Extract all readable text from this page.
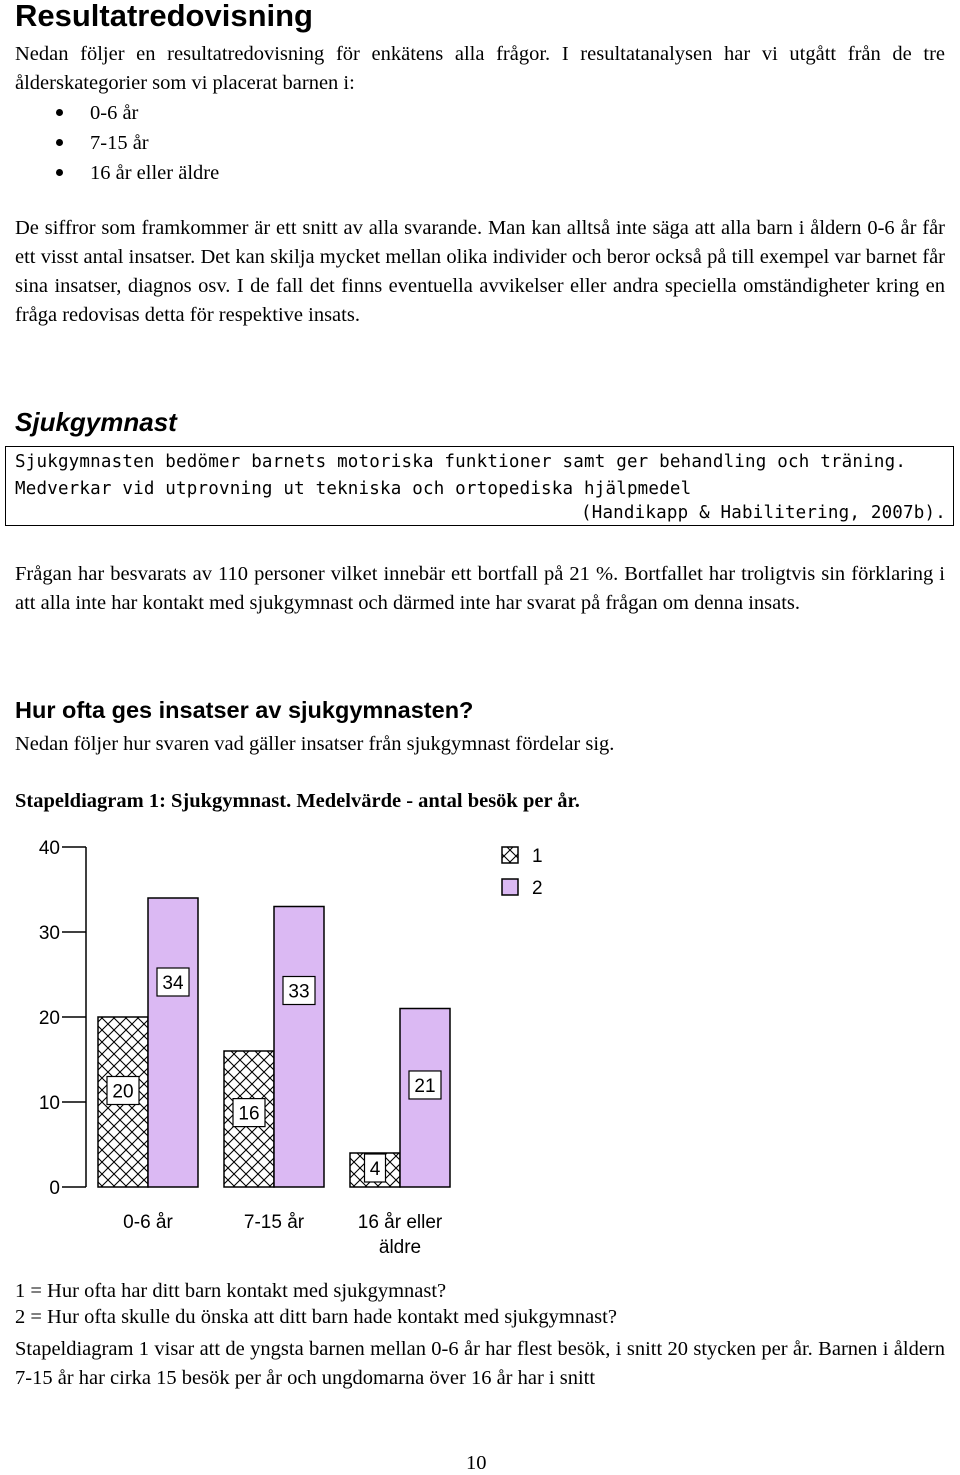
Resultatredovisning
Nedan följer en resultatredovisning för enkätens alla frågor. I resultatanalysen har vi utgått från de tre ålderskategorier som vi placerat barnen i:
0-6 år
7-15 år
16 år eller äldre
De siffror som framkommer är ett snitt av alla svarande. Man kan alltså inte säga att alla barn i åldern 0-6 år får ett visst antal insatser. Det kan skilja mycket mellan olika individer och beror också på till exempel var barnet får sina insatser, diagnos osv. I de fall det finns eventuella avvikelser eller andra speciella omständigheter kring en fråga redovisas detta för respektive insats.
Sjukgymnast
Sjukgymnasten bedömer barnets motoriska funktioner samt ger behandling och träning.
Medverkar vid utprovning ut tekniska och ortopediska hjälpmedel
(Handikapp & Habilitering, 2007b).
Frågan har besvarats av 110 personer vilket innebär ett bortfall på 21 %. Bortfallet har troligtvis sin förklaring i att alla inte har kontakt med sjukgymnast och därmed inte har svarat på frågan om denna insats.
Hur ofta ges insatser av sjukgymnasten?
Nedan följer hur svaren vad gäller insatser från sjukgymnast fördelar sig.
Stapeldiagram 1: Sjukgymnast. Medelvärde - antal besök per år.
0
10
20
30
40
0-6 år	7-15 år	16 år eller
äldre
20
34
16
33
4
21
1
2
1 = Hur ofta har ditt barn kontakt med sjukgymnast?
2 = Hur ofta skulle du önska att ditt barn hade kontakt med sjukgymnast?
Stapeldiagram 1 visar att de yngsta barnen mellan 0-6 år har flest besök, i snitt 20 stycken per år. Barnen i åldern 7-15 år har cirka 15 besök per år och ungdomarna över 16 år har i snitt
10
